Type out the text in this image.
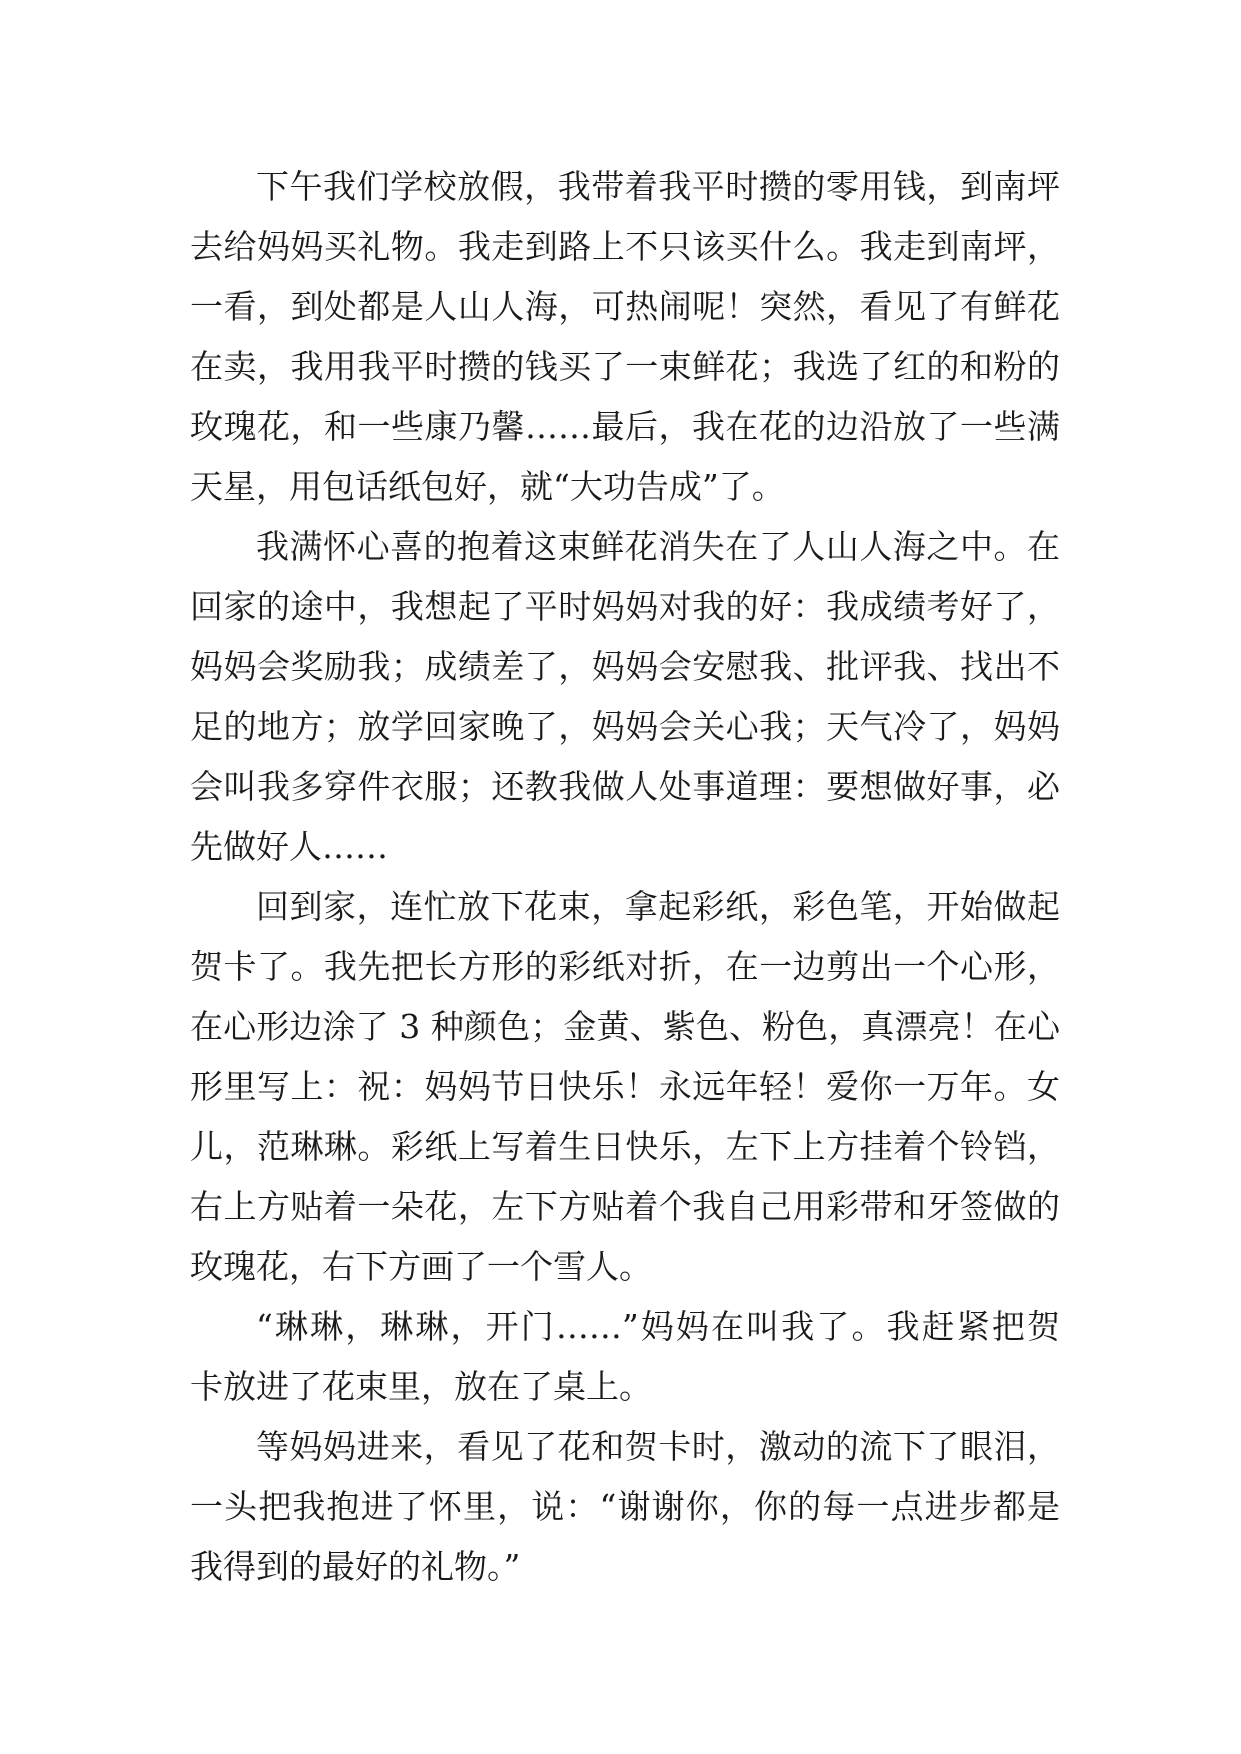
下午我们学校放假，我带着我平时攒的零用钱，到南坪
去给妈妈买礼物。我走到路上不只该买什么。我走到南坪，
一看，到处都是人山人海，可热闹呢！突然，看见了有鲜花
在卖，我用我平时攒的钱买了一束鲜花；我选了红的和粉的
玫瑰花，和一些康乃馨……最后，我在花的边沿放了一些满
天星，用包话纸包好，就“大功告成”了。

我满怀心喜的抱着这束鲜花消失在了人山人海之中。在
回家的途中，我想起了平时妈妈对我的好：我成绩考好了，
妈妈会奖励我；成绩差了，妈妈会安慰我、批评我、找出不
足的地方；放学回家晚了，妈妈会关心我；天气冷了，妈妈
会叫我多穿件衣服；还教我做人处事道理：要想做好事，必
先做好人……

回到家，连忙放下花束，拿起彩纸，彩色笔，开始做起
贺卡了。我先把长方形的彩纸对折，在一边剪出一个心形，
在心形边涂了 3 种颜色；金黄、紫色、粉色，真漂亮！在心
形里写上：祝：妈妈节日快乐！永远年轻！爱你一万年。女
儿，范琳琳。彩纸上写着生日快乐，左下上方挂着个铃铛，
右上方贴着一朵花，左下方贴着个我自己用彩带和牙签做的
玫瑰花，右下方画了一个雪人。

“琳琳，琳琳，开门……”妈妈在叫我了。我赶紧把贺
卡放进了花束里，放在了桌上。

等妈妈进来，看见了花和贺卡时，激动的流下了眼泪，
一头把我抱进了怀里，说：“谢谢你，你的每一点进步都是
我得到的最好的礼物。”
